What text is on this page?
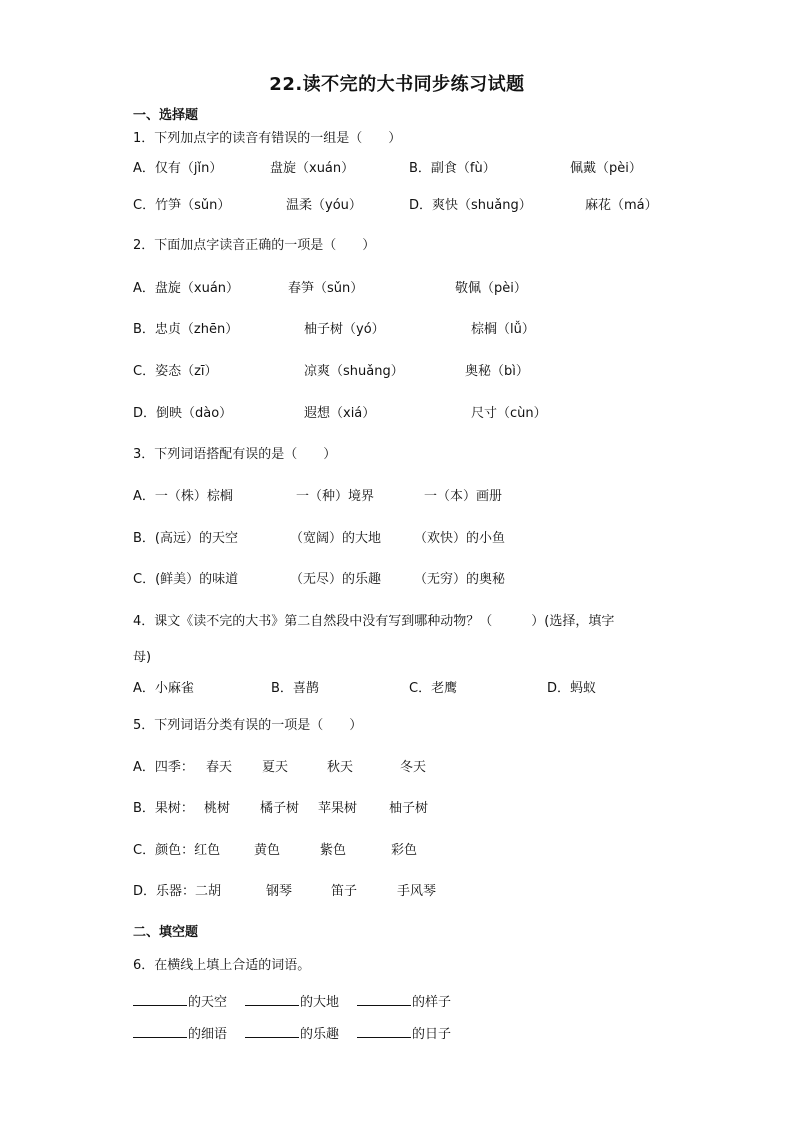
22.读不完的大书同步练习试题
一、选择题
1．下列加点字的读音有错误的一组是（　　）
A．仅有（jǐn）	盘旋（xuán）	B．副食（fù）	佩戴（pèi）
C．竹笋（sǔn）	温柔（yóu）	D．爽快（shuǎng）	麻花（má）
2．下面加点字读音正确的一项是（　　）
A．盘旋（xuán）	春笋（sǔn）	敬佩（pèi）
B．忠贞（zhēn）	柚子树（yó）	棕榈（lǚ）
C．姿态（zī）	凉爽（shuǎng）	奥秘（bì）
D．倒映（dào）	遐想（xiá）	尺寸（cùn）
3．下列词语搭配有误的是（　　）
A．一（株）棕榈	一（种）境界	一（本）画册
B．(高远）的天空	（宽阔）的大地	（欢快）的小鱼
C．(鲜美）的味道	（无尽）的乐趣	（无穷）的奥秘
4．课文《读不完的大书》第二自然段中没有写到哪种动物？（　　　）(选择，填字
母)
A．小麻雀	B．喜鹊	C．老鹰	D．蚂蚁
5．下列词语分类有误的一项是（　　）
A．四季： 春天 夏天	秋天	冬天
B．果树： 桃树 橘子树 苹果树 柚子树
C．颜色：红色	黄色	紫色	彩色
D．乐器：二胡	钢琴	笛子	手风琴
二、填空题
6．在横线上填上合适的词语。
的天空	的大地	的样子
的细语	的乐趣	的日子
